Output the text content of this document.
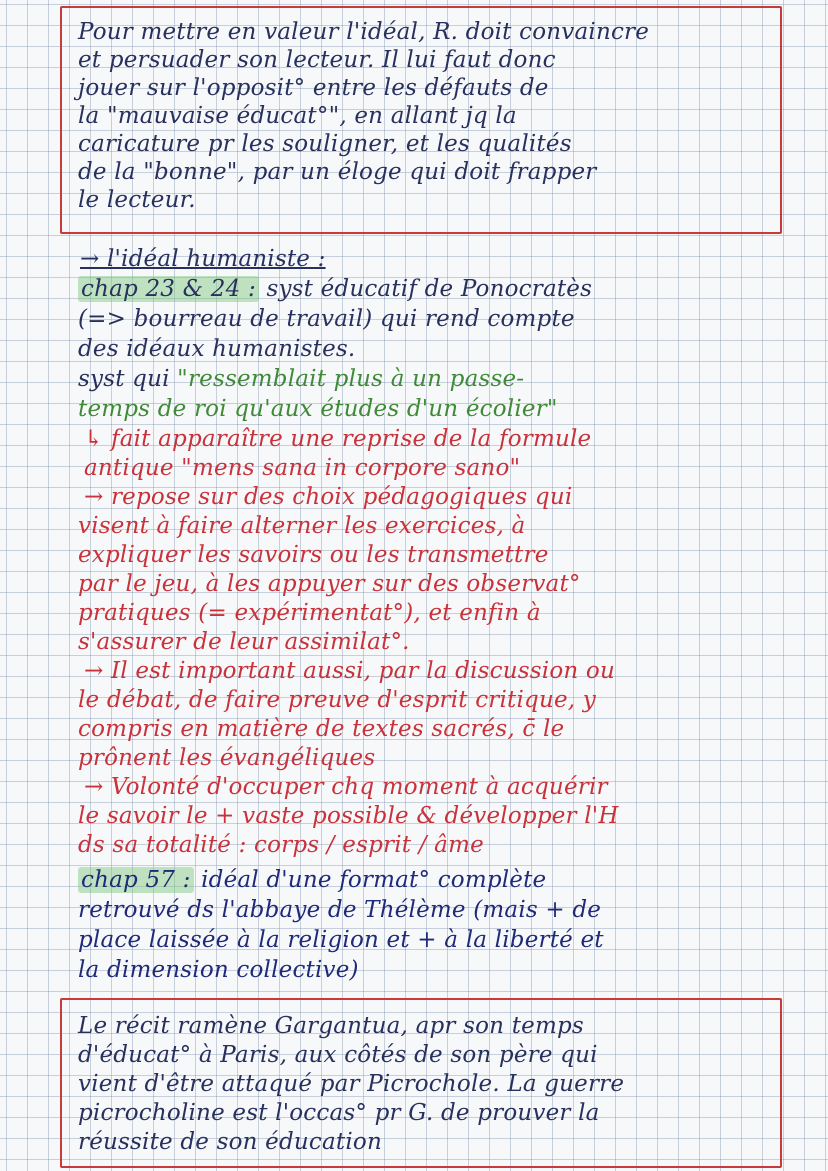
Pour mettre en valeur l'idéal, R. doit convaincre
et persuader son lecteur. Il lui faut donc
jouer sur l'opposit° entre les défauts de
la "mauvaise éducat°", en allant jq la
caricature pr les souligner, et les qualités
de la "bonne", par un éloge qui doit frapper
le lecteur.
→ l'idéal humaniste :
chap 23 & 24 : syst éducatif de Ponocratès
(=> bourreau de travail) qui rend compte
des idéaux humanistes.
syst qui "ressemblait plus à un passe-
temps de roi qu'aux études d'un écolier"
↳ fait apparaître une reprise de la formule
antique "mens sana in corpore sano"
→ repose sur des choix pédagogiques qui
visent à faire alterner les exercices, à
expliquer les savoirs ou les transmettre
par le jeu, à les appuyer sur des observat°
pratiques (= expérimentat°), et enfin à
s'assurer de leur assimilat°.
→ Il est important aussi, par la discussion ou
le débat, de faire preuve d'esprit critique, y
compris en matière de textes sacrés, c̄ le
prônent les évangéliques
→ Volonté d'occuper chq moment à acquérir
le savoir le + vaste possible & développer l'H
ds sa totalité : corps / esprit / âme
chap 57 : idéal d'une format° complète
retrouvé ds l'abbaye de Thélème (mais + de
place laissée à la religion et + à la liberté et
la dimension collective)
Le récit ramène Gargantua, apr son temps
d'éducat° à Paris, aux côtés de son père qui
vient d'être attaqué par Picrochole. La guerre
picrocholine est l'occas° pr G. de prouver la
réussite de son éducation
